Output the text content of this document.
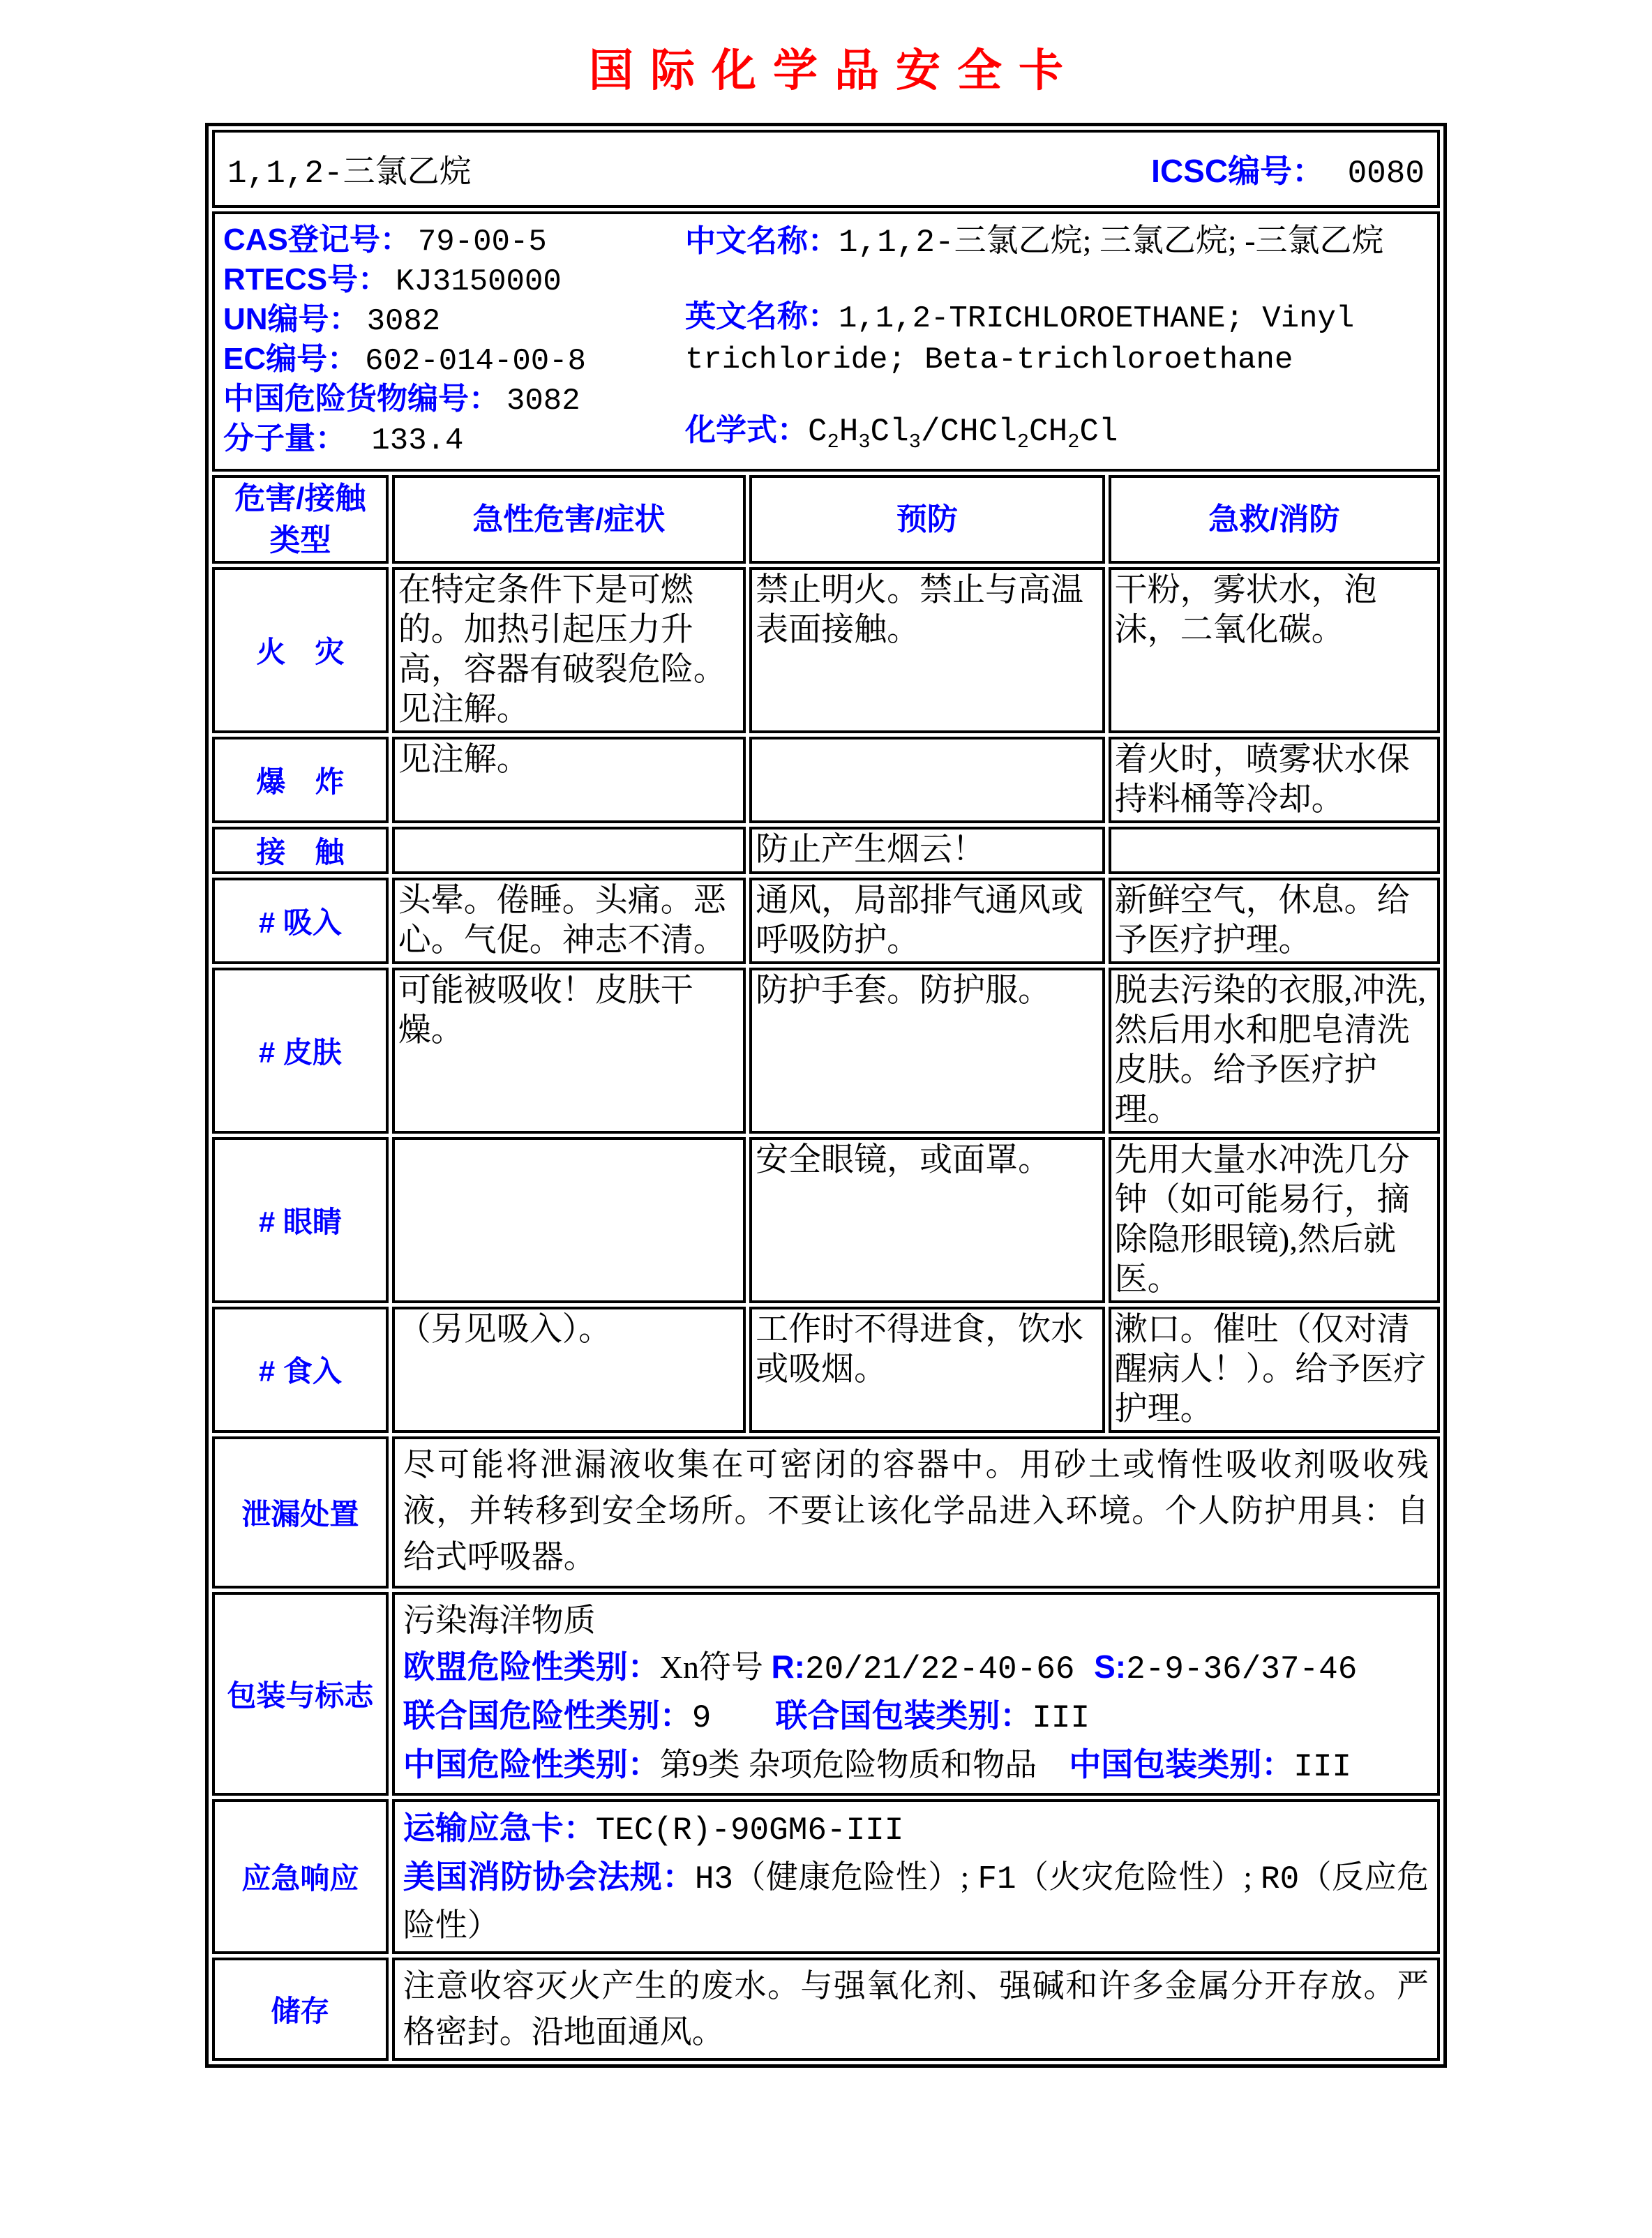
国际化学品安全卡
1,1,2-三氯乙烷 ICSC编号： 0080			

CAS登记号： 79-00-5
RTECS号： KJ3150000
UN编号： 3082
EC编号： 602-014-00-8
中国危险货物编号： 3082
分子量： 133.4
中文名称：1,1,2-三氯乙烷; 三氯乙烷; -三氯乙烷
英文名称：1,1,2-TRICHLOROETHANE; Vinyl trichloride; Beta-trichloroethane
化学式：$C_2H_3Cl_3/CHCl_2CH_2Cl$

危害/接触类型	急性危害/症状	预防	急救/消防
火　灾	在特定条件下是可燃的。加热引起压力升高，容器有破裂危险。见注解。	禁止明火。禁止与高温表面接触。	干粉，雾状水，泡沫，二氧化碳。
爆　炸	见注解。		着火时，喷雾状水保持料桶等冷却。
接　触		防止产生烟云！	
# 吸入	头晕。倦睡。头痛。恶心。气促。神志不清。	通风，局部排气通风或呼吸防护。	新鲜空气，休息。给予医疗护理。
# 皮肤	可能被吸收！皮肤干燥。	防护手套。防护服。	脱去污染的衣服,冲洗,然后用水和肥皂清洗皮肤。给予医疗护理。
# 眼睛		安全眼镜，或面罩。	先用大量水冲洗几分钟（如可能易行，摘除隐形眼镜),然后就医。
# 食入	（另见吸入）。	工作时不得进食，饮水或吸烟。	漱口。催吐（仅对清醒病人！）。给予医疗护理。
泄漏处置	尽可能将泄漏液收集在可密闭的容器中。用砂土或惰性吸收剂吸收残液，并转移到安全场所。不要让该化学品进入环境。个人防护用具：自给式呼吸器。		

包装与标志	污染海洋物质
欧盟危险性类别：Xn符号 R:20/21/22-40-66 S:2-9-36/37-46
联合国危险性类别：9　　 联合国包装类别：III
中国危险性类别：第9类 杂项危险物质和物品　 中国包装类别：III		

应急响应	运输应急卡：TEC(R)-90GM6-III
美国消防协会法规：H3（健康危险性）; F1（火灾危险性）; R0（反应危险性）		

储存	注意收容灭火产生的废水。与强氧化剂、强碱和许多金属分开存放。严格密封。沿地面通风。		
